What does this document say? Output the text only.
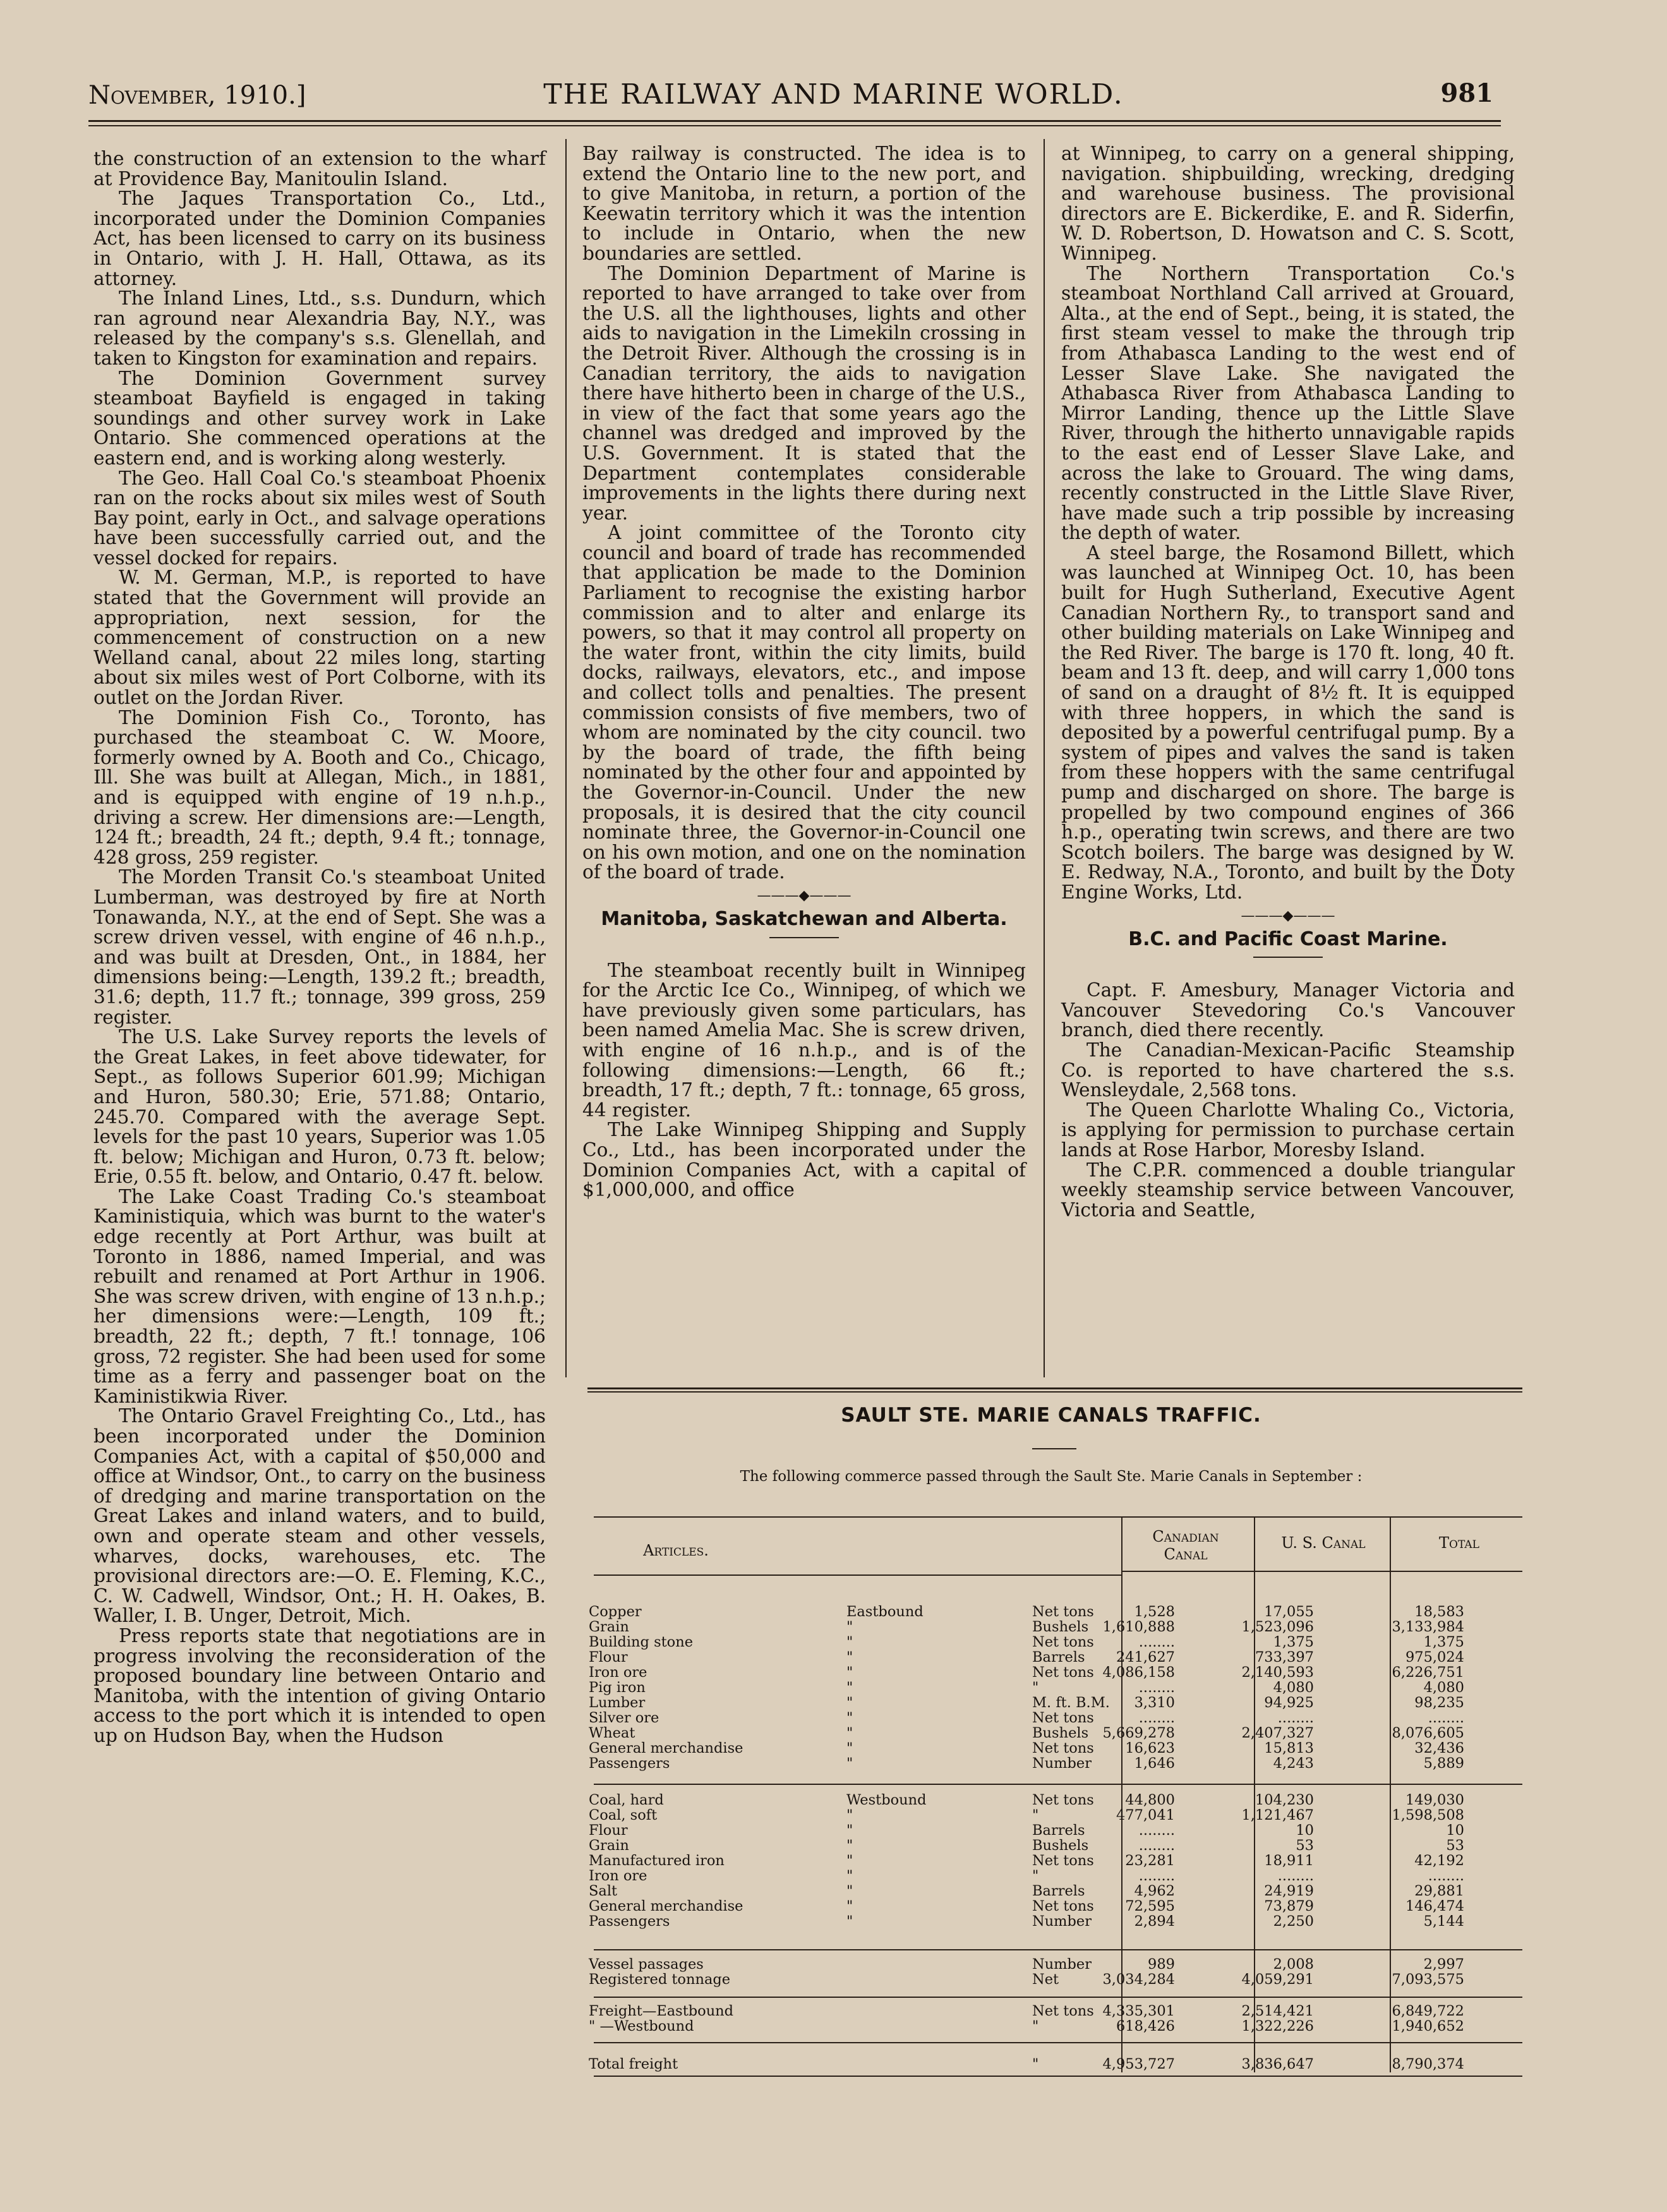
November, 1910.]	THE RAILWAY AND MARINE WORLD.	981

the construction of an extension to the wharf at Providence Bay, Manitoulin Island.

The Jaques Transportation Co., Ltd., incorporated under the Dominion Companies Act, has been licensed to carry on its business in Ontario, with J. H. Hall, Ottawa, as its attorney.

The Inland Lines, Ltd., s.s. Dundurn, which ran aground near Alexandria Bay, N.Y., was released by the company's s.s. Glenellah, and taken to Kingston for examination and repairs.

The Dominion Government survey steamboat Bayfield is engaged in taking soundings and other survey work in Lake Ontario. She commenced operations at the eastern end, and is working along westerly.

The Geo. Hall Coal Co.'s steamboat Phoenix ran on the rocks about six miles west of South Bay point, early in Oct., and salvage operations have been successfully carried out, and the vessel docked for repairs.

W. M. German, M.P., is reported to have stated that the Government will provide an appropriation, next session, for the commencement of construction on a new Welland canal, about 22 miles long, starting about six miles west of Port Colborne, with its outlet on the Jordan River.

The Dominion Fish Co., Toronto, has purchased the steamboat C. W. Moore, formerly owned by A. Booth and Co., Chicago, Ill. She was built at Allegan, Mich., in 1881, and is equipped with engine of 19 n.h.p., driving a screw. Her dimensions are:—Length, 124 ft.; breadth, 24 ft.; depth, 9.4 ft.; tonnage, 428 gross, 259 register.

The Morden Transit Co.'s steamboat United Lumberman, was destroyed by fire at North Tonawanda, N.Y., at the end of Sept. She was a screw driven vessel, with engine of 46 n.h.p., and was built at Dresden, Ont., in 1884, her dimensions being:—Length, 139.2 ft.; breadth, 31.6; depth, 11.7 ft.; tonnage, 399 gross, 259 register.

The U.S. Lake Survey reports the levels of the Great Lakes, in feet above tidewater, for Sept., as follows Superior 601.99; Michigan and Huron, 580.30; Erie, 571.88; Ontario, 245.70. Compared with the average Sept. levels for the past 10 years, Superior was 1.05 ft. below; Michigan and Huron, 0.73 ft. below; Erie, 0.55 ft. below, and Ontario, 0.47 ft. below.

The Lake Coast Trading Co.'s steamboat Kaministiquia, which was burnt to the water's edge recently at Port Arthur, was built at Toronto in 1886, named Imperial, and was rebuilt and renamed at Port Arthur in 1906. She was screw driven, with engine of 13 n.h.p.; her dimensions were:—Length, 109 ft.; breadth, 22 ft.; depth, 7 ft.! tonnage, 106 gross, 72 register. She had been used for some time as a ferry and passenger boat on the Kaministikwia River.

The Ontario Gravel Freighting Co., Ltd., has been incorporated under the Dominion Companies Act, with a capital of $50,000 and office at Windsor, Ont., to carry on the business of dredging and marine transportation on the Great Lakes and inland waters, and to build, own and operate steam and other vessels, wharves, docks, warehouses, etc. The provisional directors are:—O. E. Fleming, K.C., C. W. Cadwell, Windsor, Ont.; H. H. Oakes, B. Waller, I. B. Unger, Detroit, Mich.

Press reports state that negotiations are in progress involving the reconsideration of the proposed boundary line between Ontario and Manitoba, with the intention of giving Ontario access to the port which it is intended to open up on Hudson Bay, when the Hudson

Bay railway is constructed. The idea is to extend the Ontario line to the new port, and to give Manitoba, in return, a portion of the Keewatin territory which it was the intention to include in Ontario, when the new boundaries are settled.

The Dominion Department of Marine is reported to have arranged to take over from the U.S. all the lighthouses, lights and other aids to navigation in the Limekiln crossing in the Detroit River. Although the crossing is in Canadian territory, the aids to navigation there have hitherto been in charge of the U.S., in view of the fact that some years ago the channel was dredged and improved by the U.S. Government. It is stated that the Department contemplates considerable improvements in the lights there during next year.

A joint committee of the Toronto city council and board of trade has recommended that application be made to the Dominion Parliament to recognise the existing harbor commission and to alter and enlarge its powers, so that it may control all property on the water front, within the city limits, build docks, railways, elevators, etc., and impose and collect tolls and penalties. The present commission consists of five members, two of whom are nominated by the city council. two by the board of trade, the fifth being nominated by the other four and appointed by the Governor-in-Council. Under the new proposals, it is desired that the city council nominate three, the Governor-in-Council one on his own motion, and one on the nomination of the board of trade.

———◆———

Manitoba, Saskatchewan and Alberta.

The steamboat recently built in Winnipeg for the Arctic Ice Co., Winnipeg, of which we have previously given some particulars, has been named Amelia Mac. She is screw driven, with engine of 16 n.h.p., and is of the following dimensions:—Length, 66 ft.; breadth, 17 ft.; depth, 7 ft.: tonnage, 65 gross, 44 register.

The Lake Winnipeg Shipping and Supply Co., Ltd., has been incorporated under the Dominion Companies Act, with a capital of $1,000,000, and office

at Winnipeg, to carry on a general shipping, navigation. shipbuilding, wrecking, dredging and warehouse business. The provisional directors are E. Bickerdike, E. and R. Siderfin, W. D. Robertson, D. Howatson and C. S. Scott, Winnipeg.

The Northern Transportation Co.'s steamboat Northland Call arrived at Grouard, Alta., at the end of Sept., being, it is stated, the first steam vessel to make the through trip from Athabasca Landing to the west end of Lesser Slave Lake. She navigated the Athabasca River from Athabasca Landing to Mirror Landing, thence up the Little Slave River, through the hitherto unnavigable rapids to the east end of Lesser Slave Lake, and across the lake to Grouard. The wing dams, recently constructed in the Little Slave River, have made such a trip possible by increasing the depth of water.

A steel barge, the Rosamond Billett, which was launched at Winnipeg Oct. 10, has been built for Hugh Sutherland, Executive Agent Canadian Northern Ry., to transport sand and other building materials on Lake Winnipeg and the Red River. The barge is 170 ft. long, 40 ft. beam and 13 ft. deep, and will carry 1,000 tons of sand on a draught of 8½ ft. It is equipped with three hoppers, in which the sand is deposited by a powerful centrifugal pump. By a system of pipes and valves the sand is taken from these hoppers with the same centrifugal pump and discharged on shore. The barge is propelled by two compound engines of 366 h.p., operating twin screws, and there are two Scotch boilers. The barge was designed by W. E. Redway, N.A., Toronto, and built by the Doty Engine Works, Ltd.

———◆———

B.C. and Pacific Coast Marine.

Capt. F. Amesbury, Manager Victoria and Vancouver Stevedoring Co.'s Vancouver branch, died there recently.

The Canadian-Mexican-Pacific Steamship Co. is reported to have chartered the s.s. Wensleydale, 2,568 tons.

The Queen Charlotte Whaling Co., Victoria, is applying for permission to purchase certain lands at Rose Harbor, Moresby Island.

The C.P.R. commenced a double triangular weekly steamship service between Vancouver, Victoria and Seattle,

SAULT STE. MARIE CANALS TRAFFIC.
The following commerce passed through the Sault Ste. Marie Canals in September :
Articles.
Canadian
Canal
U. S. Canal	Total
Copper	Eastbound	Net tons	1,528	17,055	18,583
Grain	"	Bushels 1,610,888	1,523,096	3,133,984
Building stone	"	Net tons	........	1,375	1,375
Flour	"	Barrels 241,627	733,397	975,024
Iron ore	"	Net tons 4,086,158	2,140,593	6,226,751
Pig iron	"	"	........	4,080	4,080
Lumber	"	M. ft. B.M. 3,310	94,925	98,235
Silver ore	"	Net tons	........	........	........
Wheat	"	Bushels 5,669,278	2,407,327	8,076,605
General merchandise	"	Net tons 16,623	15,813	32,436
Passengers	"	Number	1,646	4,243	5,889
Coal, hard	Westbound	Net tons 44,800	104,230	149,030
Coal, soft	"	"	477,041	1,121,467	1,598,508
Flour	"	Barrels	........	10	10
Grain	"	Bushels	........	53	53
Manufactured iron	"	Net tons 23,281	18,911	42,192
Iron ore	"	"	........	........	........
Salt	"	Barrels	4,962	24,919	29,881
General merchandise	"	Net tons 72,595	73,879	146,474
Passengers	"	Number	2,894	2,250	5,144
Vessel passages	Number	989	2,008	2,997
Registered tonnage	Net	3,034,284	4,059,291	7,093,575
Freight—Eastbound	Net tons 4,335,301	2,514,421	6,849,722
" —Westbound	"	618,426	1,322,226	1,940,652
Total freight	"	4,953,727	3,836,647	8,790,374
